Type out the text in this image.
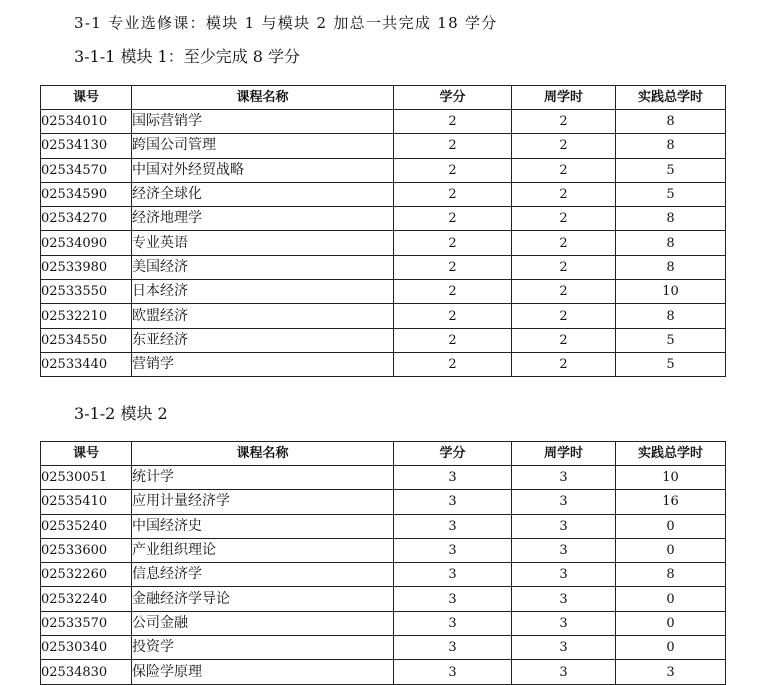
3-1 专业选修课：模块 1 与模块 2 加总一共完成 18 学分
3-1-1 模块 1：至少完成 8 学分
课号	课程名称	学分	周学时	实践总学时
02534010	国际营销学	2	2	8
02534130	跨国公司管理	2	2	8
02534570	中国对外经贸战略	2	2	5
02534590	经济全球化	2	2	5
02534270	经济地理学	2	2	8
02534090	专业英语	2	2	8
02533980	美国经济	2	2	8
02533550	日本经济	2	2	10
02532210	欧盟经济	2	2	8
02534550	东亚经济	2	2	5
02533440	营销学	2	2	5
3-1-2 模块 2
课号	课程名称	学分	周学时	实践总学时
02530051	统计学	3	3	10
02535410	应用计量经济学	3	3	16
02535240	中国经济史	3	3	0
02533600	产业组织理论	3	3	0
02532260	信息经济学	3	3	8
02532240	金融经济学导论	3	3	0
02533570	公司金融	3	3	0
02530340	投资学	3	3	0
02534830	保险学原理	3	3	3
